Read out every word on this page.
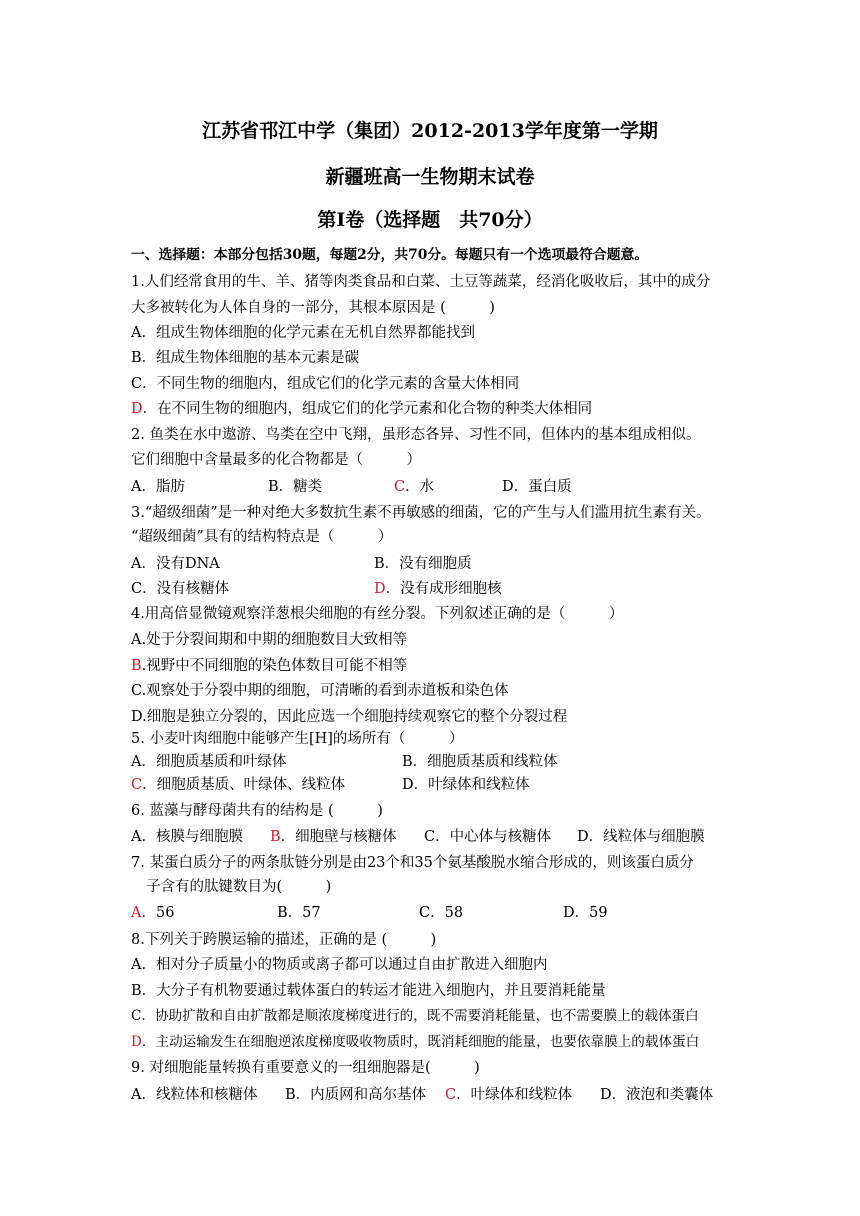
江苏省邗江中学（集团）2012-2013学年度第一学期
新疆班高一生物期末试卷
第Ⅰ卷（选择题　共70分）
一、选择题：本部分包括30题，每题2分，共70分。每题只有一个选项最符合题意。
1.人们经常食用的牛、羊、猪等肉类食品和白菜、土豆等蔬菜，经消化吸收后，其中的成分
大多被转化为人体自身的一部分，其根本原因是 (　　　)
A．组成生物体细胞的化学元素在无机自然界都能找到
B．组成生物体细胞的基本元素是碳
C．不同生物的细胞内，组成它们的化学元素的含量大体相同
D．在不同生物的细胞内，组成它们的化学元素和化合物的种类大体相同
2. 鱼类在水中遨游、鸟类在空中飞翔，虽形态各异、习性不同，但体内的基本组成相似。
它们细胞中含量最多的化合物都是（　　　）
A．脂肪	B．糖类	C．水	D．蛋白质
3.“超级细菌”是一种对绝大多数抗生素不再敏感的细菌，它的产生与人们滥用抗生素有关。
“超级细菌”具有的结构特点是（　　　）
A．没有DNA	B．没有细胞质
C．没有核糖体	D．没有成形细胞核
4.用高倍显微镜观察洋葱根尖细胞的有丝分裂。下列叙述正确的是（　　　）
A.处于分裂间期和中期的细胞数目大致相等
B.视野中不同细胞的染色体数目可能不相等
C.观察处于分裂中期的细胞，可清晰的看到赤道板和染色体
D.细胞是独立分裂的，因此应选一个细胞持续观察它的整个分裂过程
5. 小麦叶肉细胞中能够产生[H]的场所有（　　　）
A．细胞质基质和叶绿体	B．细胞质基质和线粒体
C．细胞质基质、叶绿体、线粒体	D．叶绿体和线粒体
6. 蓝藻与酵母菌共有的结构是 (　　　)
A．核膜与细胞膜 B．细胞壁与核糖体 C．中心体与核糖体 D．线粒体与细胞膜
7. 某蛋白质分子的两条肽链分别是由23个和35个氨基酸脱水缩合形成的，则该蛋白质分
子含有的肽键数目为(　　　)
A．56	B．57	C．58	D．59
8.下列关于跨膜运输的描述，正确的是 (　　　)
A．相对分子质量小的物质或离子都可以通过自由扩散进入细胞内
B．大分子有机物要通过载体蛋白的转运才能进入细胞内，并且要消耗能量
C．协助扩散和自由扩散都是顺浓度梯度进行的，既不需要消耗能量，也不需要膜上的载体蛋白
D．主动运输发生在细胞逆浓度梯度吸收物质时，既消耗细胞的能量，也要依靠膜上的载体蛋白
9. 对细胞能量转换有重要意义的一组细胞器是(　　　)
A．线粒体和核糖体 B．内质网和高尔基体 C．叶绿体和线粒体 D．液泡和类囊体
